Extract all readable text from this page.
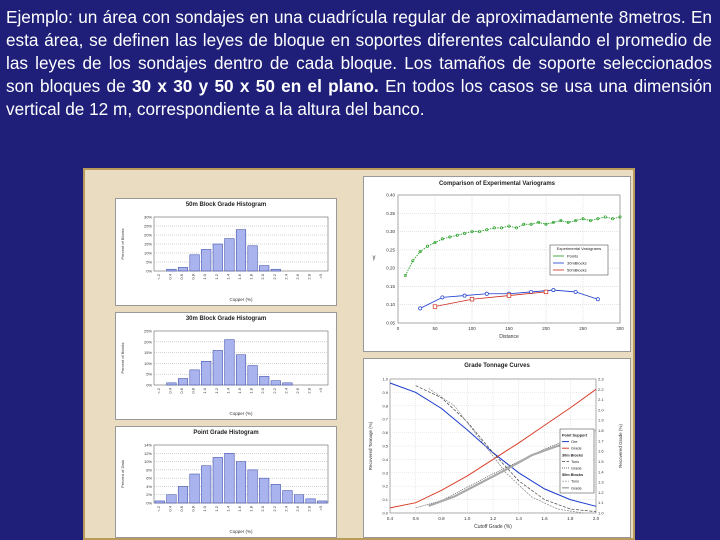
Ejemplo: un área con sondajes en una cuadrícula regular de aproximadamente 8metros. En esta área, se definen las leyes de bloque en soportes diferentes calculando el promedio de las leyes de los sondajes dentro de cada bloque. Los tamaños de soporte seleccionados son bloques de 30 x 30 y 50 x 50 en el plano. En todos los casos se usa una dimensión vertical de 12 m, correspondiente a la altura del banco.
50m Block Grade Histogram
0%
5%
10%
15%
20%
25%
30%
<.2 0.4 0.6 0.8 1.0 1.2 1.4 1.6 1.8 2.0 2.2 2.4 2.6 2.8 >3
Copper (%)
Percent of Blocks
30m Block Grade Histogram
0%
5%
10%
15%
20%
25%
<.2 0.4 0.6 0.8 1.0 1.2 1.4 1.6 1.8 2.0 2.2 2.4 2.6 2.8 >3
Copper (%)
Percent of Blocks
Point Grade Histogram
0%
2%
4%
6%
8%
10%
12%
14%
<.2 0.4 0.6 0.8 1.0 1.2 1.4 1.6 1.8 2.0 2.2 2.4 2.6 2.8 >3
Copper (%)
Percent of Data
Comparison of Experimental Variograms
0.05
0.10
0.15
0.20
0.25
0.30
0.35
0.40
0	50	100	150	200	250	300
Distance
γ
Experimental Variograms
Points
30mBlocks
50mBlocks
Grade Tonnage Curves
0.0
0.1
0.2
0.3
0.4
0.5
0.6
0.7
0.8
0.9
1.0
1.0
1.1
1.2
1.3
1.4
1.5
1.6
1.7
1.8
1.9
2.0
2.1
2.2
2.3
0.4	0.6	0.8	1.0	1.2	1.4	1.6	1.8	2.0
Cutoff Grade (%)
Recovered Tonnage (%)	Recovered Grade (%)
Point Support
Ore
Grade
30m Blocks
Tons
Grade
50m Blocks
Tons
Grade
